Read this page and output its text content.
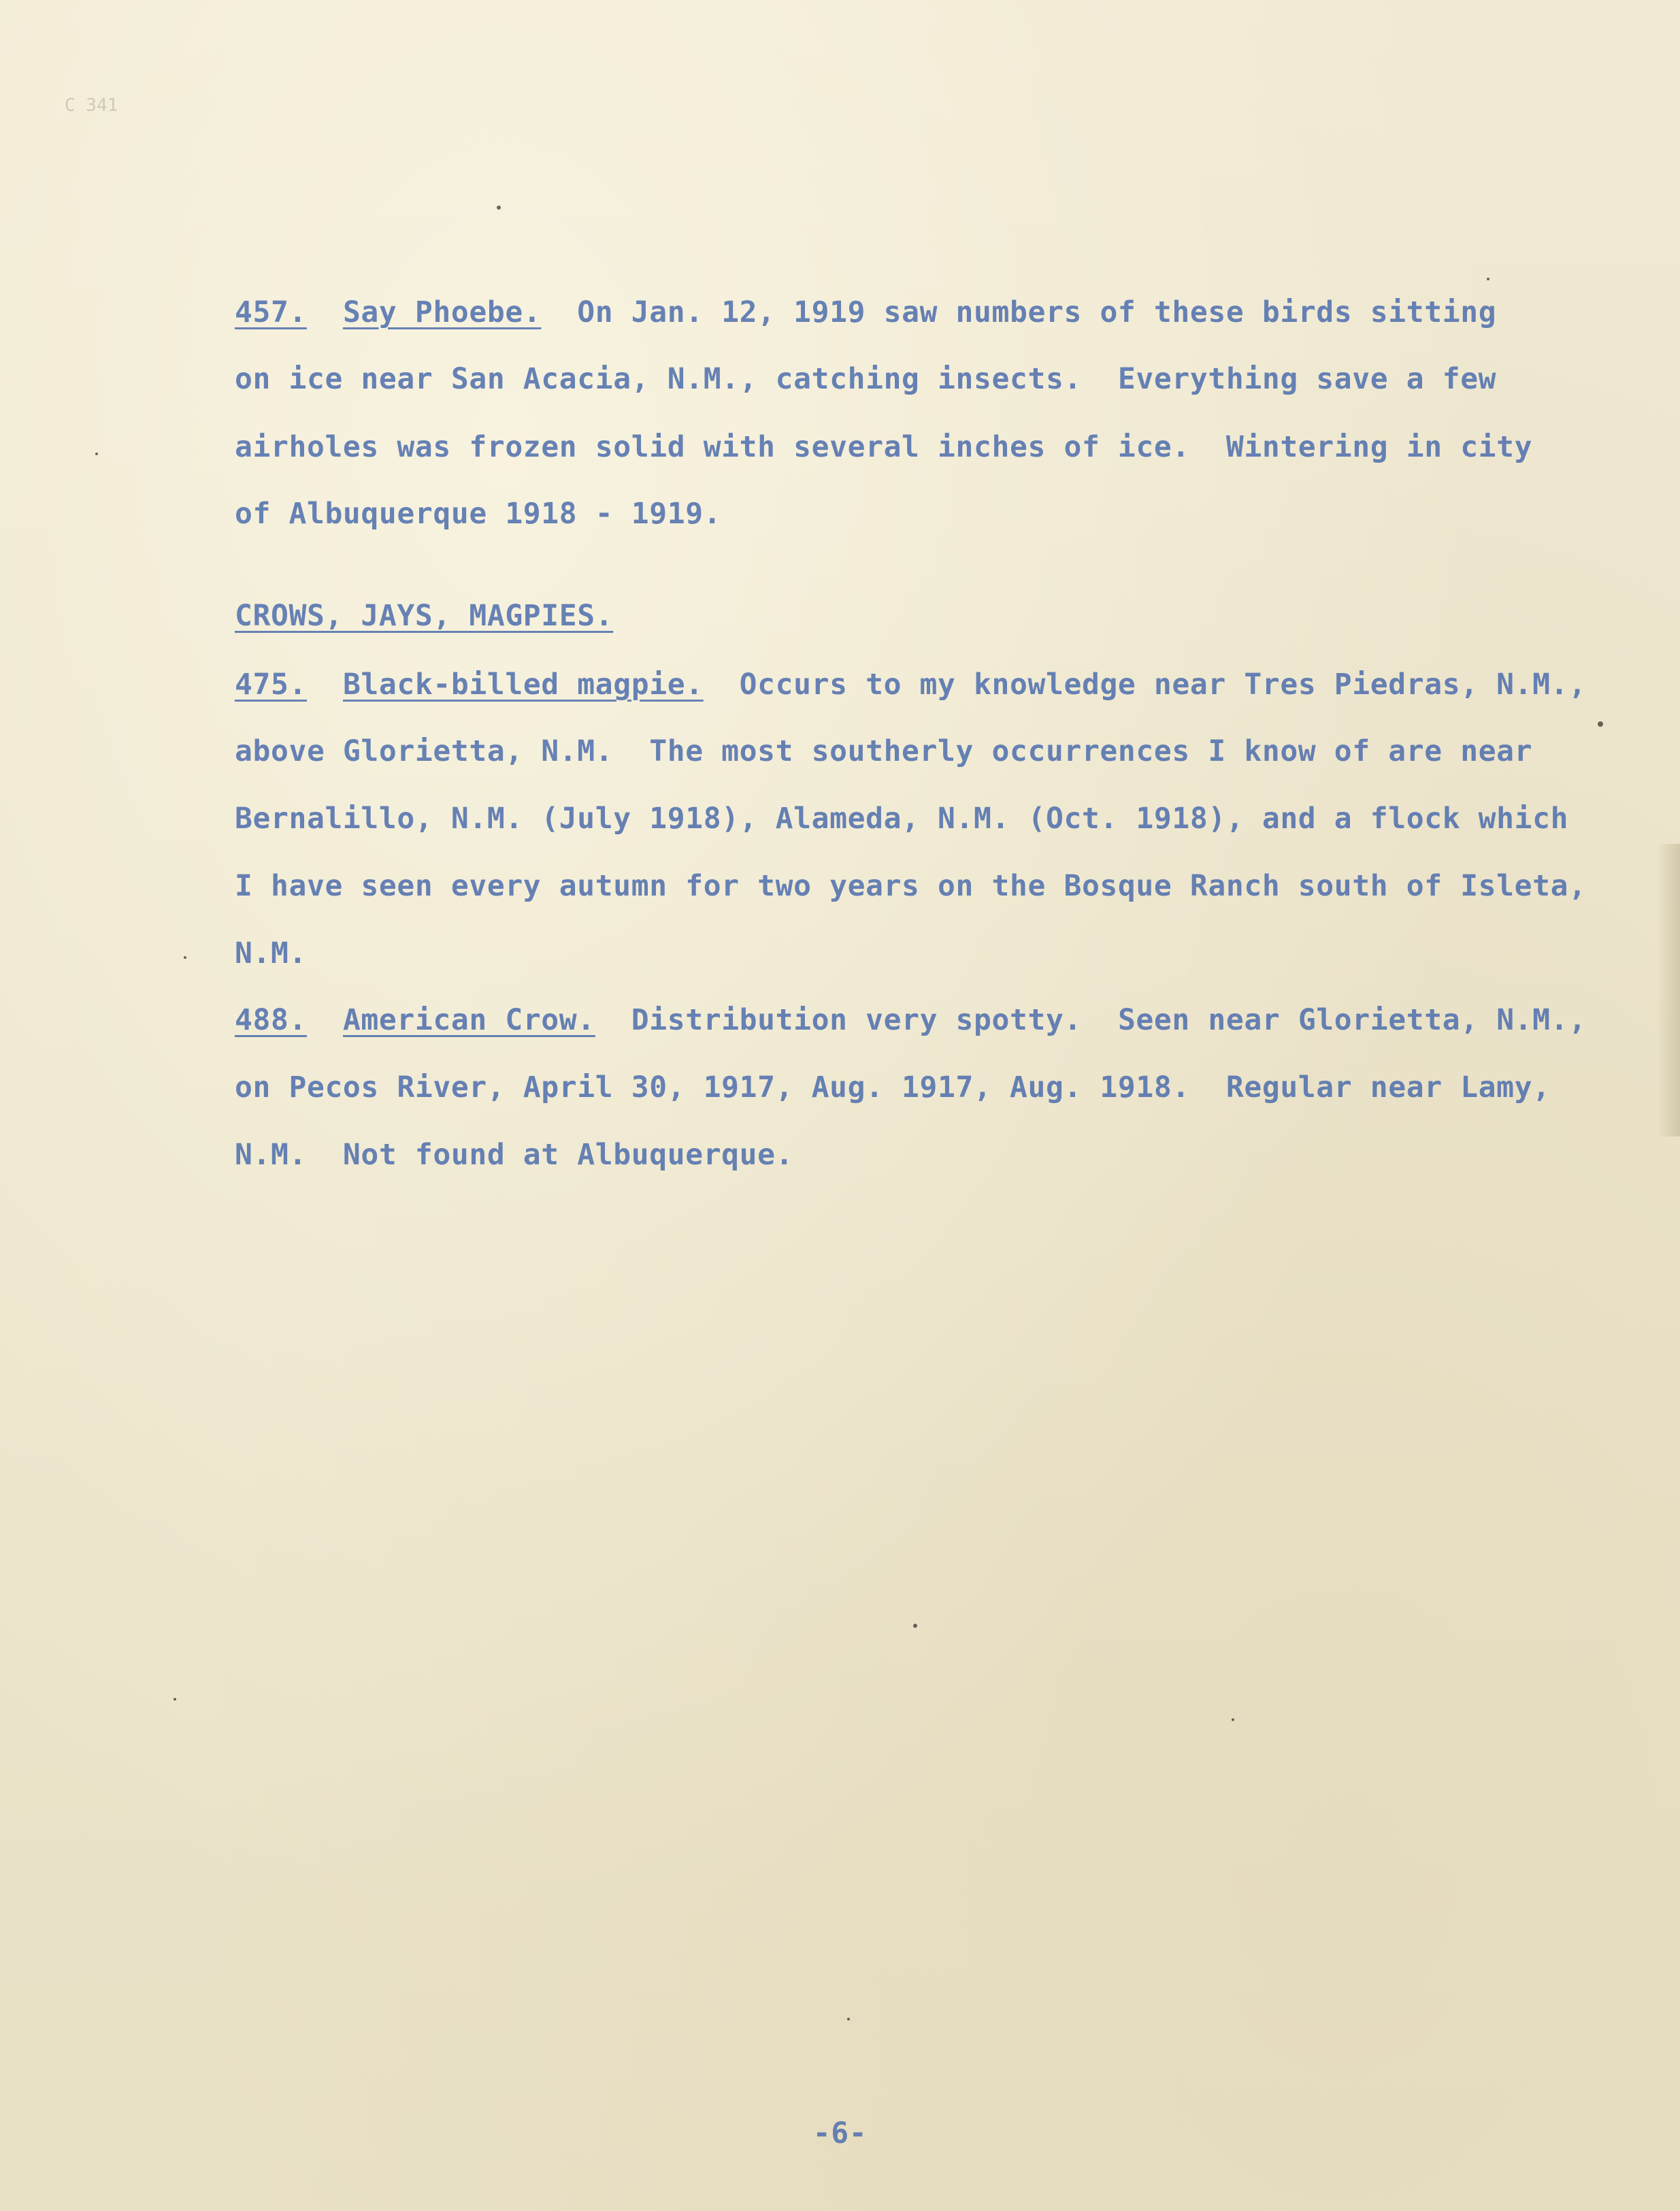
C 341
457. Say Phoebe.  On Jan. 12, 1919 saw numbers of these birds sitting
on ice near San Acacia, N.M., catching insects.  Everything save a few
airholes was frozen solid with several inches of ice.  Wintering in city
of Albuquerque 1918 - 1919.
CROWS, JAYS, MAGPIES.
475. Black-billed magpie.  Occurs to my knowledge near Tres Piedras, N.M.,
above Glorietta, N.M.  The most southerly occurrences I know of are near
Bernalillo, N.M. (July 1918), Alameda, N.M. (Oct. 1918), and a flock which
I have seen every autumn for two years on the Bosque Ranch south of Isleta,
N.M.
488. American Crow.  Distribution very spotty.  Seen near Glorietta, N.M.,
on Pecos River, April 30, 1917, Aug. 1917, Aug. 1918.  Regular near Lamy,
N.M.  Not found at Albuquerque.
-6-
